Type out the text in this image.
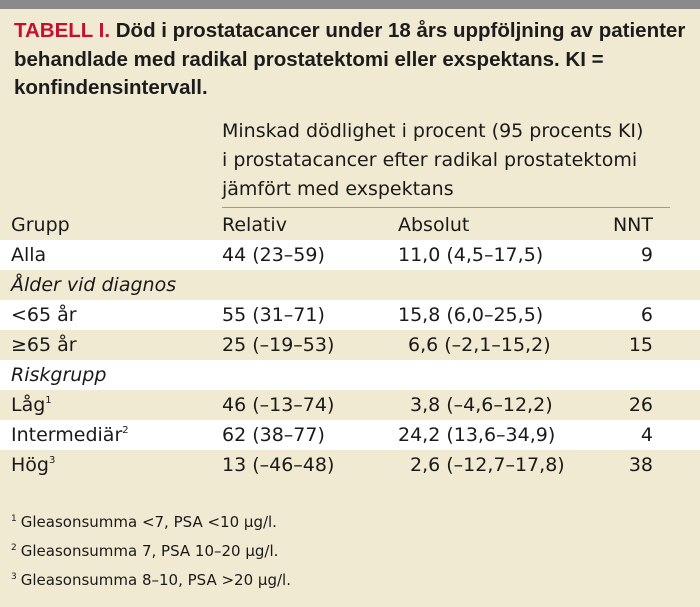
TABELL I. Död i prostatacancer under 18 års uppföljning av patienter behandlade med radikal prostatektomi eller exspektans. KI = konfindensintervall.
Minskad dödlighet i procent (95 procents KI)
i prostatacancer efter radikal prostatektomi
jämfört med exspektans
Grupp	Relativ	Absolut	NNT
Alla	44 (23–59)	11,0 (4,5–17,5)	9
Ålder vid diagnos
<65 år	55 (31–71)	15,8 (6,0–25,5)	6
≥65 år	25 (–19–53)	6,6 (–2,1–15,2)	15
Riskgrupp
Låg$^1$	46 (–13–74)	3,8 (–4,6–12,2)	26
Intermediär$^2$	62 (38–77)	24,2 (13,6–34,9)	4
Hög$^3$	13 (–46–48)	2,6 (–12,7–17,8)	38
$^1$ Gleasonsumma <7, PSA <10 μg/l.
$^2$ Gleasonsumma 7, PSA 10–20 μg/l.
$^3$ Gleasonsumma 8–10, PSA >20 μg/l.
